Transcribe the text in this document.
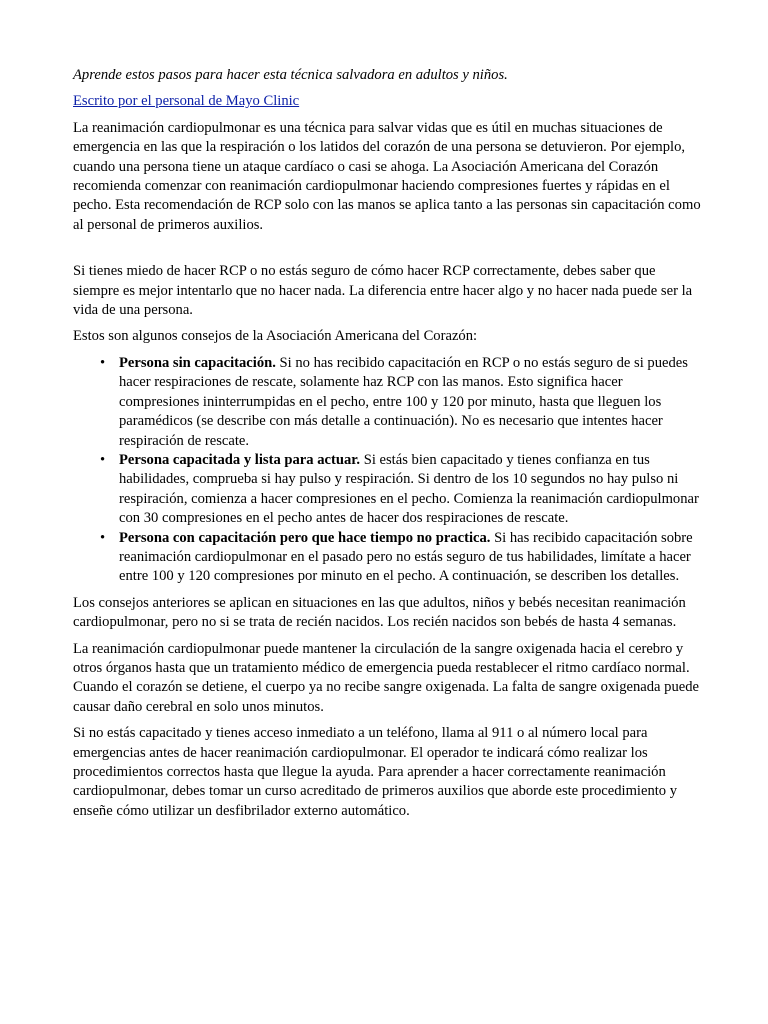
Aprende estos pasos para hacer esta técnica salvadora en adultos y niños.

Escrito por el personal de Mayo Clinic

La reanimación cardiopulmonar es una técnica para salvar vidas que es útil en muchas situaciones de emergencia en las que la respiración o los latidos del corazón de una persona se detuvieron. Por ejemplo, cuando una persona tiene un ataque cardíaco o casi se ahoga. La Asociación Americana del Corazón recomienda comenzar con reanimación cardiopulmonar haciendo compresiones fuertes y rápidas en el pecho. Esta recomendación de RCP solo con las manos se aplica tanto a las personas sin capacitación como al personal de primeros auxilios.

Si tienes miedo de hacer RCP o no estás seguro de cómo hacer RCP correctamente, debes saber que siempre es mejor intentarlo que no hacer nada. La diferencia entre hacer algo y no hacer nada puede ser la vida de una persona.

Estos son algunos consejos de la Asociación Americana del Corazón:

• Persona sin capacitación. Si no has recibido capacitación en RCP o no estás seguro de si puedes hacer respiraciones de rescate, solamente haz RCP con las manos. Esto significa hacer compresiones ininterrumpidas en el pecho, entre 100 y 120 por minuto, hasta que lleguen los paramédicos (se describe con más detalle a continuación). No es necesario que intentes hacer respiración de rescate.
• Persona capacitada y lista para actuar. Si estás bien capacitado y tienes confianza en tus habilidades, comprueba si hay pulso y respiración. Si dentro de los 10 segundos no hay pulso ni respiración, comienza a hacer compresiones en el pecho. Comienza la reanimación cardiopulmonar con 30 compresiones en el pecho antes de hacer dos respiraciones de rescate.
• Persona con capacitación pero que hace tiempo no practica. Si has recibido capacitación sobre reanimación cardiopulmonar en el pasado pero no estás seguro de tus habilidades, limítate a hacer entre 100 y 120 compresiones por minuto en el pecho. A continuación, se describen los detalles.

Los consejos anteriores se aplican en situaciones en las que adultos, niños y bebés necesitan reanimación cardiopulmonar, pero no si se trata de recién nacidos. Los recién nacidos son bebés de hasta 4 semanas.

La reanimación cardiopulmonar puede mantener la circulación de la sangre oxigenada hacia el cerebro y otros órganos hasta que un tratamiento médico de emergencia pueda restablecer el ritmo cardíaco normal. Cuando el corazón se detiene, el cuerpo ya no recibe sangre oxigenada. La falta de sangre oxigenada puede causar daño cerebral en solo unos minutos.

Si no estás capacitado y tienes acceso inmediato a un teléfono, llama al 911 o al número local para emergencias antes de hacer reanimación cardiopulmonar. El operador te indicará cómo realizar los procedimientos correctos hasta que llegue la ayuda. Para aprender a hacer correctamente reanimación cardiopulmonar, debes tomar un curso acreditado de primeros auxilios que aborde este procedimiento y enseñe cómo utilizar un desfibrilador externo automático.
